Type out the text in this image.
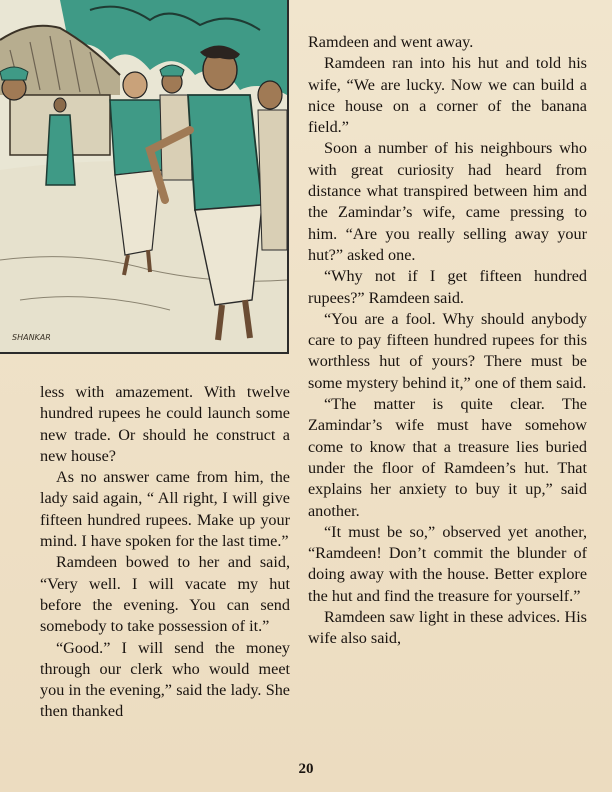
SHANKAR

less with amazement. With twelve hundred rupees he could launch some new trade. Or should he construct a new house?

As no answer came from him, the lady said again, “ All right, I will give fifteen hundred rupees. Make up your mind. I have spoken for the last time.”

Ramdeen bowed to her and said, “Very well. I will vacate my hut before the evening. You can send somebody to take possession of it.”

“Good.” I will send the money through our clerk who would meet you in the evening,” said the lady. She then thanked

Ramdeen and went away.

Ramdeen ran into his hut and told his wife, “We are lucky. Now we can build a nice house on a corner of the banana field.”

Soon a number of his neighbours who with great curiosity had heard from distance what transpired between him and the Zamindar’s wife, came pressing to him. “Are you really selling away your hut?” asked one.

“Why not if I get fifteen hundred rupees?” Ramdeen said.

“You are a fool. Why should anybody care to pay fifteen hundred rupees for this worthless hut of yours? There must be some mystery behind it,” one of them said.

“The matter is quite clear. The Zamindar’s wife must have somehow come to know that a treasure lies buried under the floor of Ramdeen’s hut. That explains her anxiety to buy it up,” said another.

“It must be so,” observed yet another, “Ramdeen! Don’t commit the blunder of doing away with the house. Better explore the hut and find the treasure for yourself.”

Ramdeen saw light in these advices. His wife also said,

20
